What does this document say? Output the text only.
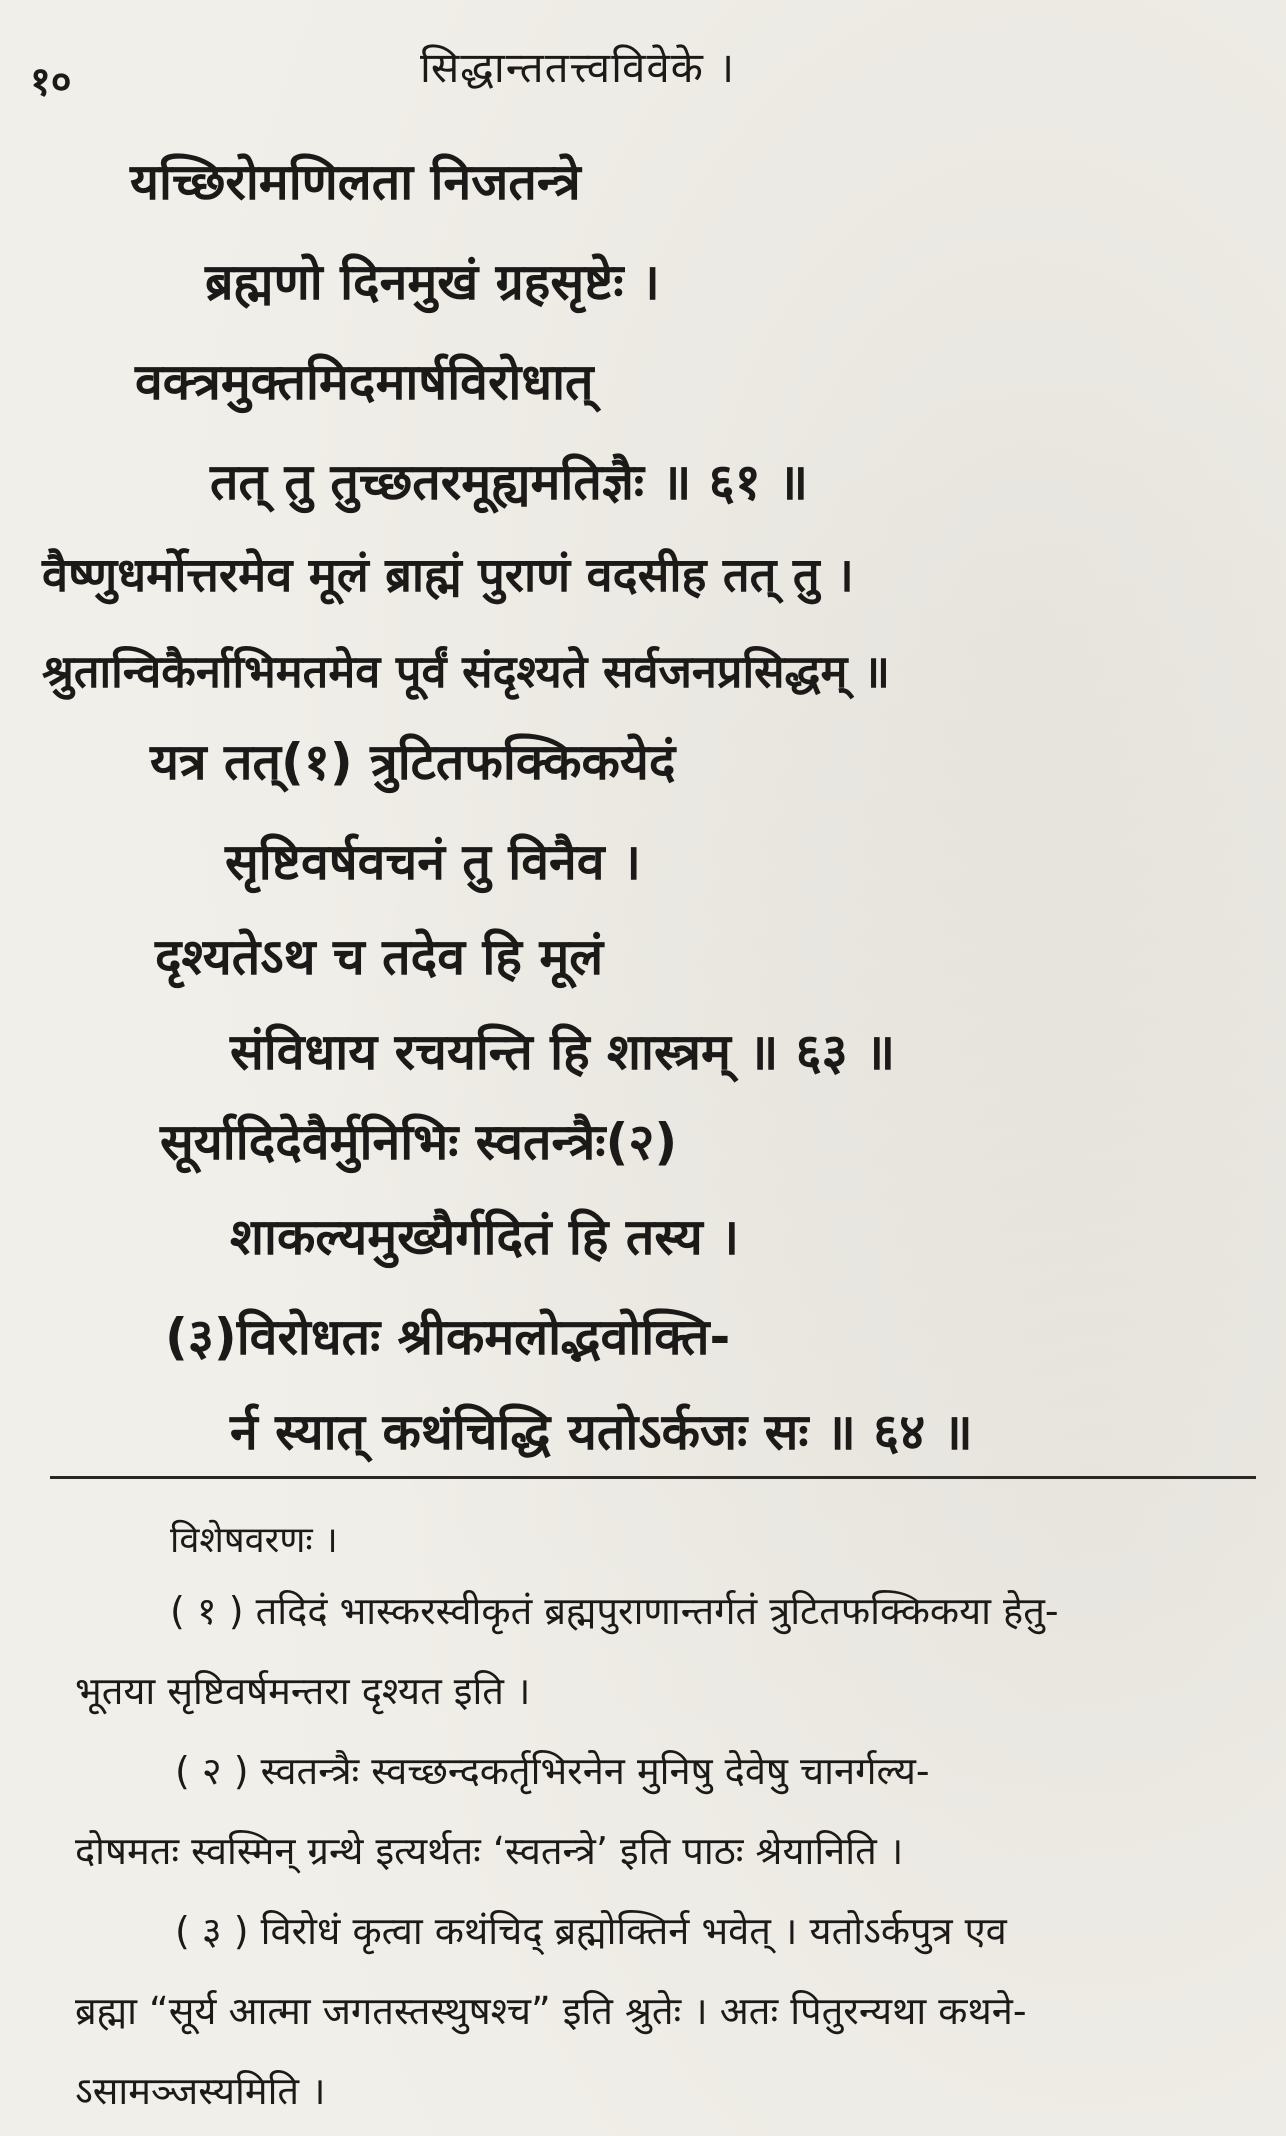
१०	सिद्धान्ततत्त्वविवेके ।
यच्छिरोमणिलता निजतन्त्रे
ब्रह्मणो दिनमुखं ग्रहसृष्टेः ।
वक्त्रमुक्तमिदमार्षविरोधात्
तत् तु तुच्छतरमूह्यमतिज्ञैः ॥ ६१ ॥
वैष्णुधर्मोत्तरमेव मूलं ब्राह्मं पुराणं वदसीह तत् तु ।
श्रुतान्विकैर्नाभिमतमेव पूर्वं संदृश्यते सर्वजनप्रसिद्धम् ॥
यत्र तत्(१) त्रुटितफक्किकयेदं
सृष्टिवर्षवचनं तु विनैव ।
दृश्यतेऽथ च तदेव हि मूलं
संविधाय रचयन्ति हि शास्त्रम् ॥ ६३ ॥
सूर्यादिदेवैर्मुनिभिः स्वतन्त्रैः(२)
शाकल्यमुख्यैर्गदितं हि तस्य ।
(३)विरोधतः श्रीकमलोद्भवोक्ति-
र्न स्यात् कथंचिद्धि यतोऽर्कजः सः ॥ ६४ ॥
विशेषवरणः ।
( १ ) तदिदं भास्करस्वीकृतं ब्रह्मपुराणान्तर्गतं त्रुटितफक्किकया हेतु-
भूतया सृष्टिवर्षमन्तरा दृश्यत इति ।
( २ ) स्वतन्त्रैः स्वच्छन्दकर्तृभिरनेन मुनिषु देवेषु चानर्गल्य-
दोषमतः स्वस्मिन् ग्रन्थे इत्यर्थतः ‘स्वतन्त्रे’ इति पाठः श्रेयानिति ।
( ३ ) विरोधं कृत्वा कथंचिद् ब्रह्मोक्तिर्न भवेत् । यतोऽर्कपुत्र एव
ब्रह्मा “सूर्य आत्मा जगतस्तस्थुषश्च” इति श्रुतेः । अतः पितुरन्यथा कथने-
ऽसामञ्जस्यमिति ।
